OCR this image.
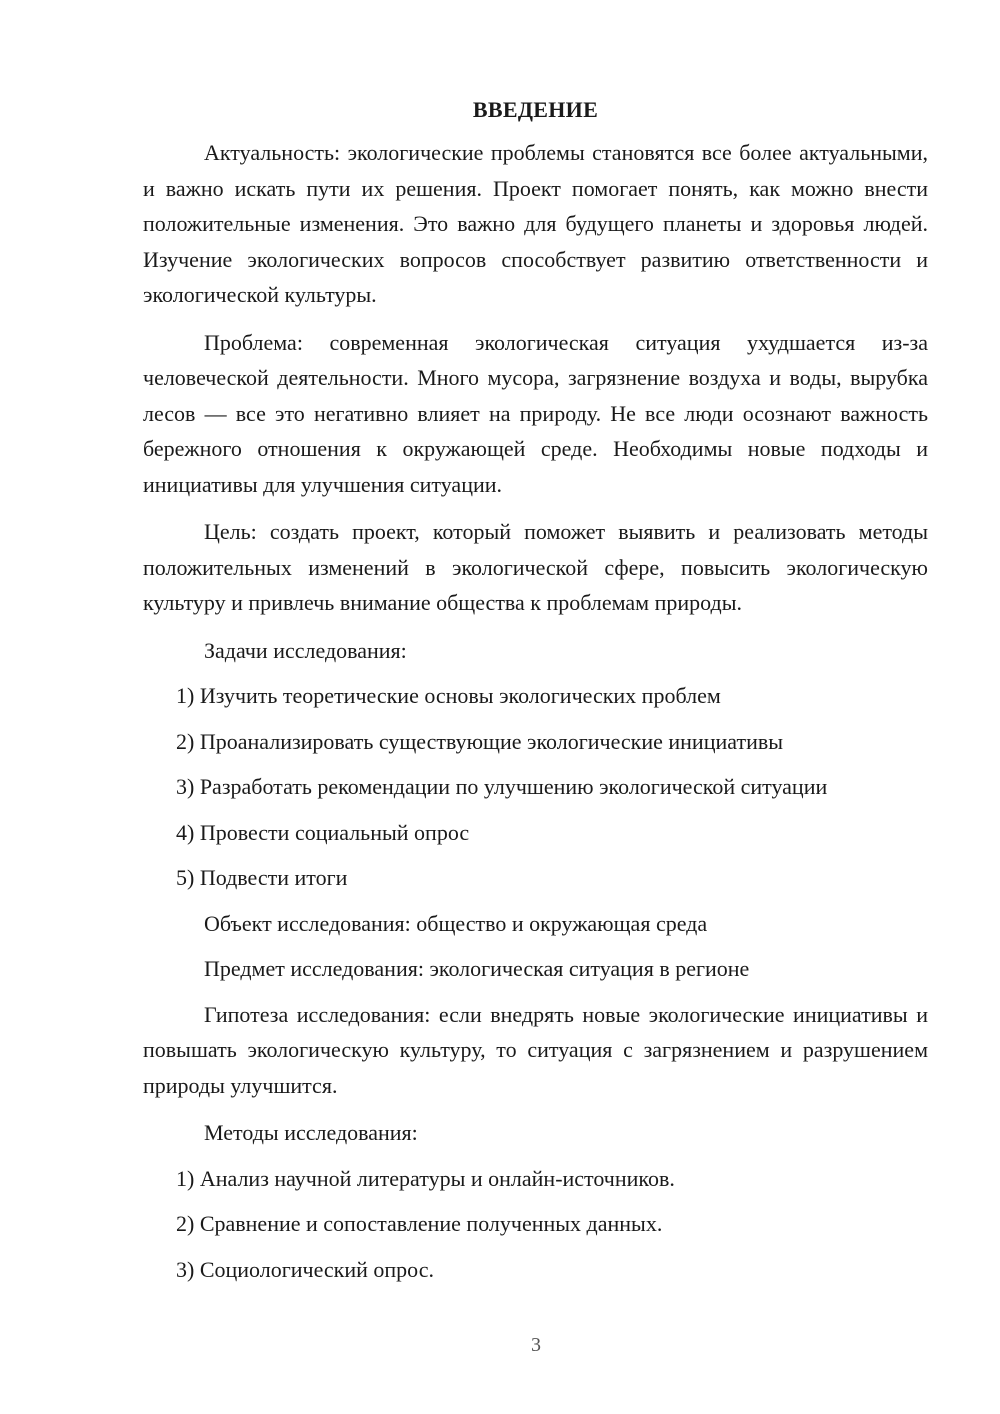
ВВЕДЕНИЕ

Актуальность: экологические проблемы становятся все более актуальными, и важно искать пути их решения. Проект помогает понять, как можно внести положительные изменения. Это важно для будущего планеты и здоровья людей. Изучение экологических вопросов способствует развитию ответственности и экологической культуры.

Проблема: современная экологическая ситуация ухудшается из-за человеческой деятельности. Много мусора, загрязнение воздуха и воды, вырубка лесов — все это негативно влияет на природу. Не все люди осознают важность бережного отношения к окружающей среде. Необходимы новые подходы и инициативы для улучшения ситуации.

Цель: создать проект, который поможет выявить и реализовать методы положительных изменений в экологической сфере, повысить экологическую культуру и привлечь внимание общества к проблемам природы.

Задачи исследования:
1) Изучить теоретические основы экологических проблем
2) Проанализировать существующие экологические инициативы
3) Разработать рекомендации по улучшению экологической ситуации
4) Провести социальный опрос
5) Подвести итоги
Объект исследования: общество и окружающая среда
Предмет исследования: экологическая ситуация в регионе

Гипотеза исследования: если внедрять новые экологические инициативы и повышать экологическую культуру, то ситуация с загрязнением и разрушением природы улучшится.

Методы исследования:
1) Анализ научной литературы и онлайн-источников.
2) Сравнение и сопоставление полученных данных.
3) Социологический опрос.
3
